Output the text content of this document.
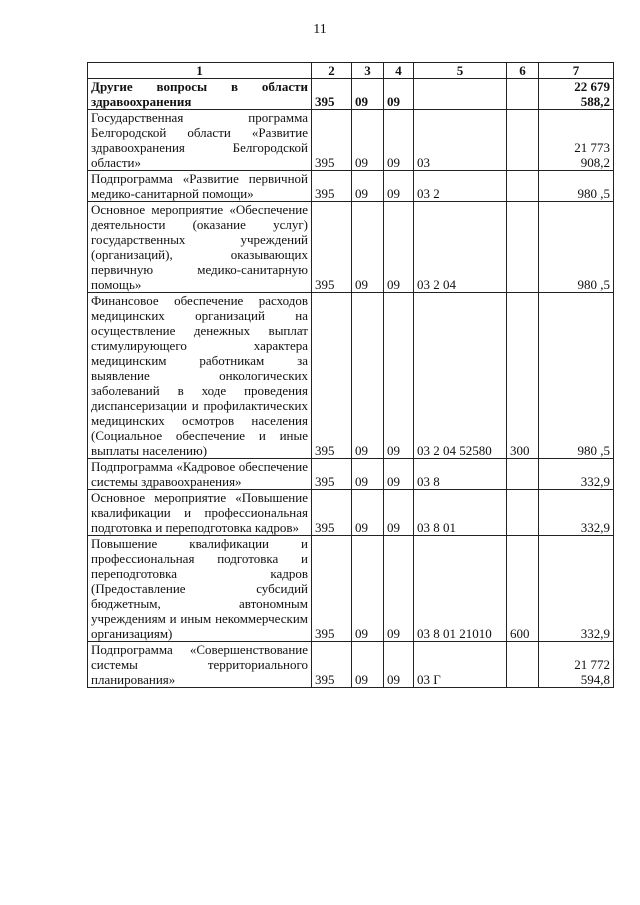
11
1	2	3	4	5	6	7
Другие вопросы в области здравоохранения	395	09	09			22 679 588,2
Государственная программа Белгородской области «Развитие здравоохранения Белгородской области»	395	09	09	03		21 773 908,2
Подпрограмма «Развитие первичной медико-санитарной помощи»	395	09	09	03 2		980 ,5
Основное мероприятие «Обеспечение деятельности (оказание услуг) государственных учреждений (организаций), оказывающих первичную медико-санитарную помощь»	395	09	09	03 2 04		980 ,5
Финансовое обеспечение расходов медицинских организаций на осуществление денежных выплат стимулирующего характера медицинским работникам за выявление онкологических заболеваний в ходе проведения диспансеризации и профилактических медицинских осмотров населения (Социальное обеспечение и иные выплаты населению)	395	09	09	03 2 04 52580	300	980 ,5
Подпрограмма «Кадровое обеспечение системы здравоохранения»	395	09	09	03 8		332,9
Основное мероприятие «Повышение квалификации и профессиональная подготовка и переподготовка кадров»	395	09	09	03 8 01		332,9
Повышение квалификации и профессиональная подготовка и переподготовка кадров (Предоставление субсидий бюджетным, автономным учреждениям и иным некоммерческим организациям)	395	09	09	03 8 01 21010	600	332,9
Подпрограмма «Совершенствование системы территориального планирования»	395	09	09	03 Г		21 772 594,8
